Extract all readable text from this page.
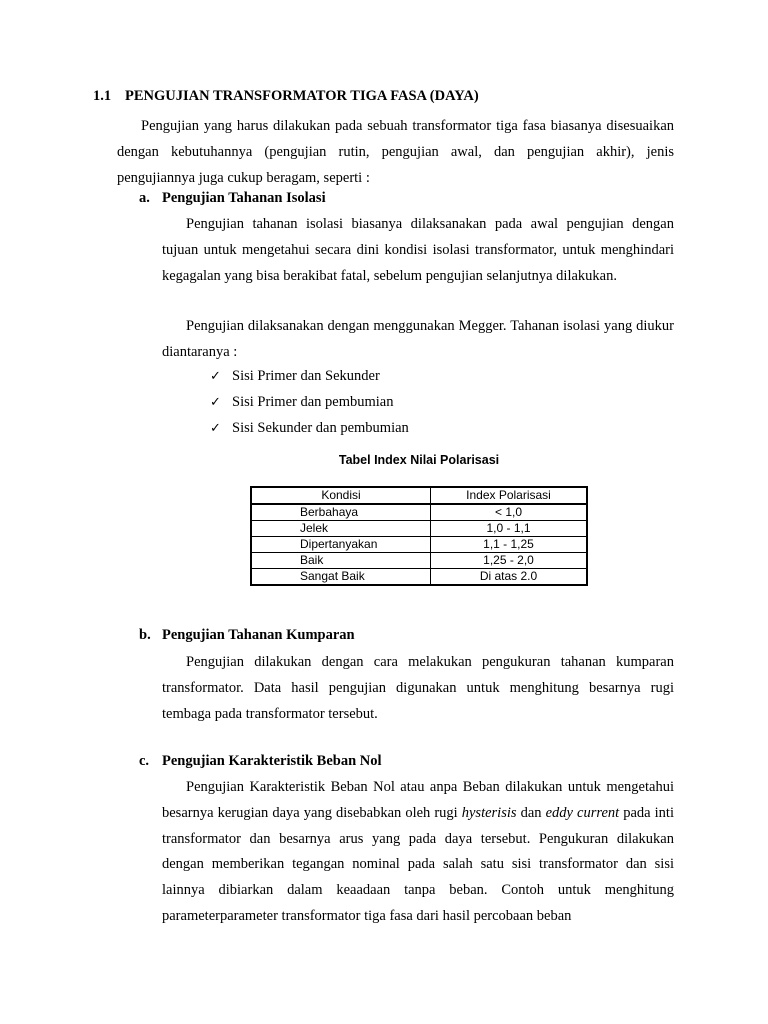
1.1 PENGUJIAN TRANSFORMATOR TIGA FASA (DAYA)

Pengujian yang harus dilakukan pada sebuah transformator tiga fasa biasanya disesuaikan dengan kebutuhannya (pengujian rutin, pengujian awal, dan pengujian akhir), jenis pengujiannya juga cukup beragam, seperti :

a. Pengujian Tahanan Isolasi

Pengujian tahanan isolasi biasanya dilaksanakan pada awal pengujian dengan tujuan untuk mengetahui secara dini kondisi isolasi transformator, untuk menghindari kegagalan yang bisa berakibat fatal, sebelum pengujian selanjutnya dilakukan.

Pengujian dilaksanakan dengan menggunakan Megger. Tahanan isolasi yang diukur diantaranya :

✓ Sisi Primer dan Sekunder
✓ Sisi Primer dan pembumian
✓ Sisi Sekunder dan pembumian
Tabel Index Nilai Polarisasi
Kondisi	Index Polarisasi
Berbahaya	< 1,0
Jelek	1,0 - 1,1
Dipertanyakan	1,1 - 1,25
Baik	1,25 - 2,0
Sangat Baik	Di atas 2.0
b. Pengujian Tahanan Kumparan

Pengujian dilakukan dengan cara melakukan pengukuran tahanan kumparan transformator. Data hasil pengujian digunakan untuk menghitung besarnya rugi tembaga pada transformator tersebut.

c. Pengujian Karakteristik Beban Nol

Pengujian Karakteristik Beban Nol atau anpa Beban dilakukan untuk mengetahui besarnya kerugian daya yang disebabkan oleh rugi hysterisis dan eddy current pada inti transformator dan besarnya arus yang pada daya tersebut. Pengukuran dilakukan dengan memberikan tegangan nominal pada salah satu sisi transformator dan sisi lainnya dibiarkan dalam keaadaan tanpa beban. Contoh untuk menghitung parameterparameter transformator tiga fasa dari hasil percobaan beban
